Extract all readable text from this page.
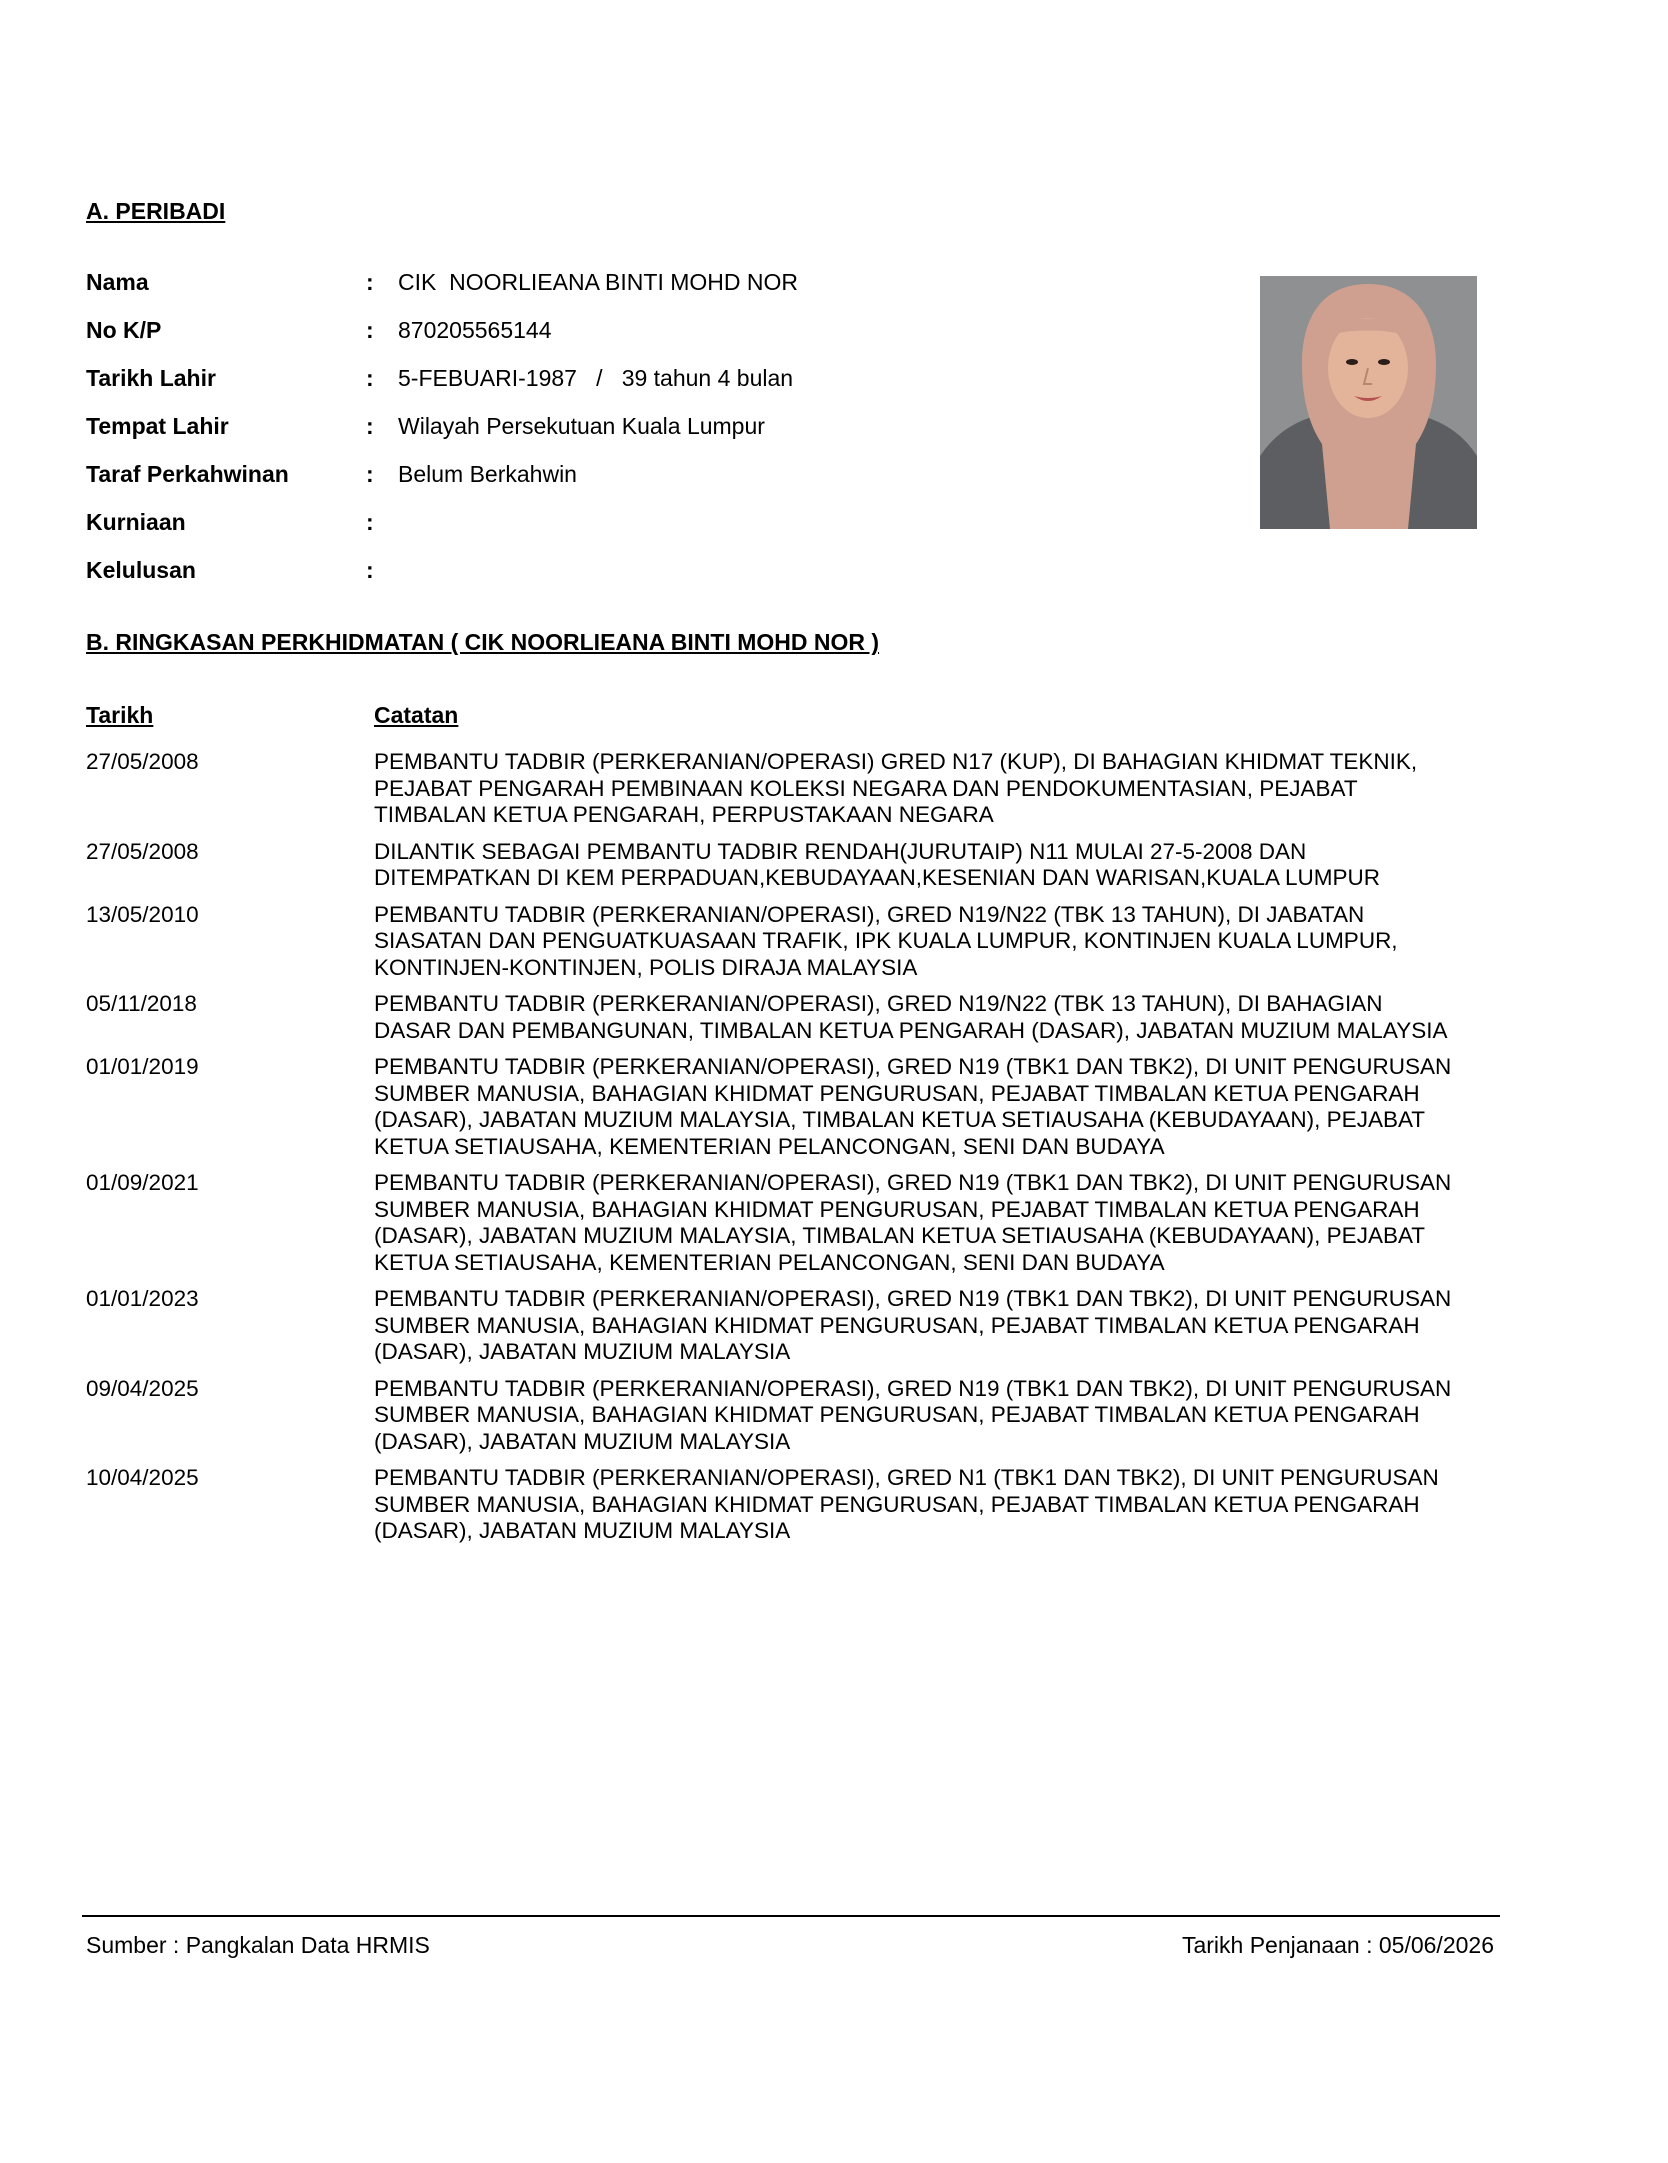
A. PERIBADI
Nama	: CIK  NOORLIEANA BINTI MOHD NOR
No K/P	: 870205565144
Tarikh Lahir	: 5-FEBUARI-1987   /   39 tahun 4 bulan
Tempat Lahir	: Wilayah Persekutuan Kuala Lumpur
Taraf Perkahwinan	: Belum Berkahwin
Kurniaan	:
Kelulusan	:
B. RINGKASAN PERKHIDMATAN ( CIK NOORLIEANA BINTI MOHD NOR )
Tarikh	Catatan
27/05/2008	PEMBANTU TADBIR (PERKERANIAN/OPERASI) GRED N17 (KUP), DI BAHAGIAN KHIDMAT TEKNIK, PEJABAT PENGARAH PEMBINAAN KOLEKSI NEGARA DAN PENDOKUMENTASIAN, PEJABAT TIMBALAN KETUA PENGARAH, PERPUSTAKAAN NEGARA
27/05/2008	DILANTIK SEBAGAI PEMBANTU TADBIR RENDAH(JURUTAIP) N11 MULAI 27-5-2008 DAN DITEMPATKAN DI KEM PERPADUAN,KEBUDAYAAN,KESENIAN DAN WARISAN,KUALA LUMPUR
13/05/2010	PEMBANTU TADBIR (PERKERANIAN/OPERASI), GRED N19/N22 (TBK 13 TAHUN), DI JABATAN SIASATAN DAN PENGUATKUASAAN TRAFIK, IPK KUALA LUMPUR, KONTINJEN KUALA LUMPUR, KONTINJEN-KONTINJEN, POLIS DIRAJA MALAYSIA
05/11/2018	PEMBANTU TADBIR (PERKERANIAN/OPERASI), GRED N19/N22 (TBK 13 TAHUN), DI BAHAGIAN DASAR DAN PEMBANGUNAN, TIMBALAN KETUA PENGARAH (DASAR), JABATAN MUZIUM MALAYSIA
01/01/2019	PEMBANTU TADBIR (PERKERANIAN/OPERASI), GRED N19 (TBK1 DAN TBK2), DI UNIT PENGURUSAN SUMBER MANUSIA, BAHAGIAN KHIDMAT PENGURUSAN, PEJABAT TIMBALAN KETUA PENGARAH (DASAR), JABATAN MUZIUM MALAYSIA, TIMBALAN KETUA SETIAUSAHA (KEBUDAYAAN), PEJABAT KETUA SETIAUSAHA, KEMENTERIAN PELANCONGAN, SENI DAN BUDAYA
01/09/2021	PEMBANTU TADBIR (PERKERANIAN/OPERASI), GRED N19 (TBK1 DAN TBK2), DI UNIT PENGURUSAN SUMBER MANUSIA, BAHAGIAN KHIDMAT PENGURUSAN, PEJABAT TIMBALAN KETUA PENGARAH (DASAR), JABATAN MUZIUM MALAYSIA, TIMBALAN KETUA SETIAUSAHA (KEBUDAYAAN), PEJABAT KETUA SETIAUSAHA, KEMENTERIAN PELANCONGAN, SENI DAN BUDAYA
01/01/2023	PEMBANTU TADBIR (PERKERANIAN/OPERASI), GRED N19 (TBK1 DAN TBK2), DI UNIT PENGURUSAN SUMBER MANUSIA, BAHAGIAN KHIDMAT PENGURUSAN, PEJABAT TIMBALAN KETUA PENGARAH (DASAR), JABATAN MUZIUM MALAYSIA
09/04/2025	PEMBANTU TADBIR (PERKERANIAN/OPERASI), GRED N19 (TBK1 DAN TBK2), DI UNIT PENGURUSAN SUMBER MANUSIA, BAHAGIAN KHIDMAT PENGURUSAN, PEJABAT TIMBALAN KETUA PENGARAH (DASAR), JABATAN MUZIUM MALAYSIA
10/04/2025	PEMBANTU TADBIR (PERKERANIAN/OPERASI), GRED N1 (TBK1 DAN TBK2), DI UNIT PENGURUSAN SUMBER MANUSIA, BAHAGIAN KHIDMAT PENGURUSAN, PEJABAT TIMBALAN KETUA PENGARAH (DASAR), JABATAN MUZIUM MALAYSIA
Sumber : Pangkalan Data HRMIS	Tarikh Penjanaan : 05/06/2026
